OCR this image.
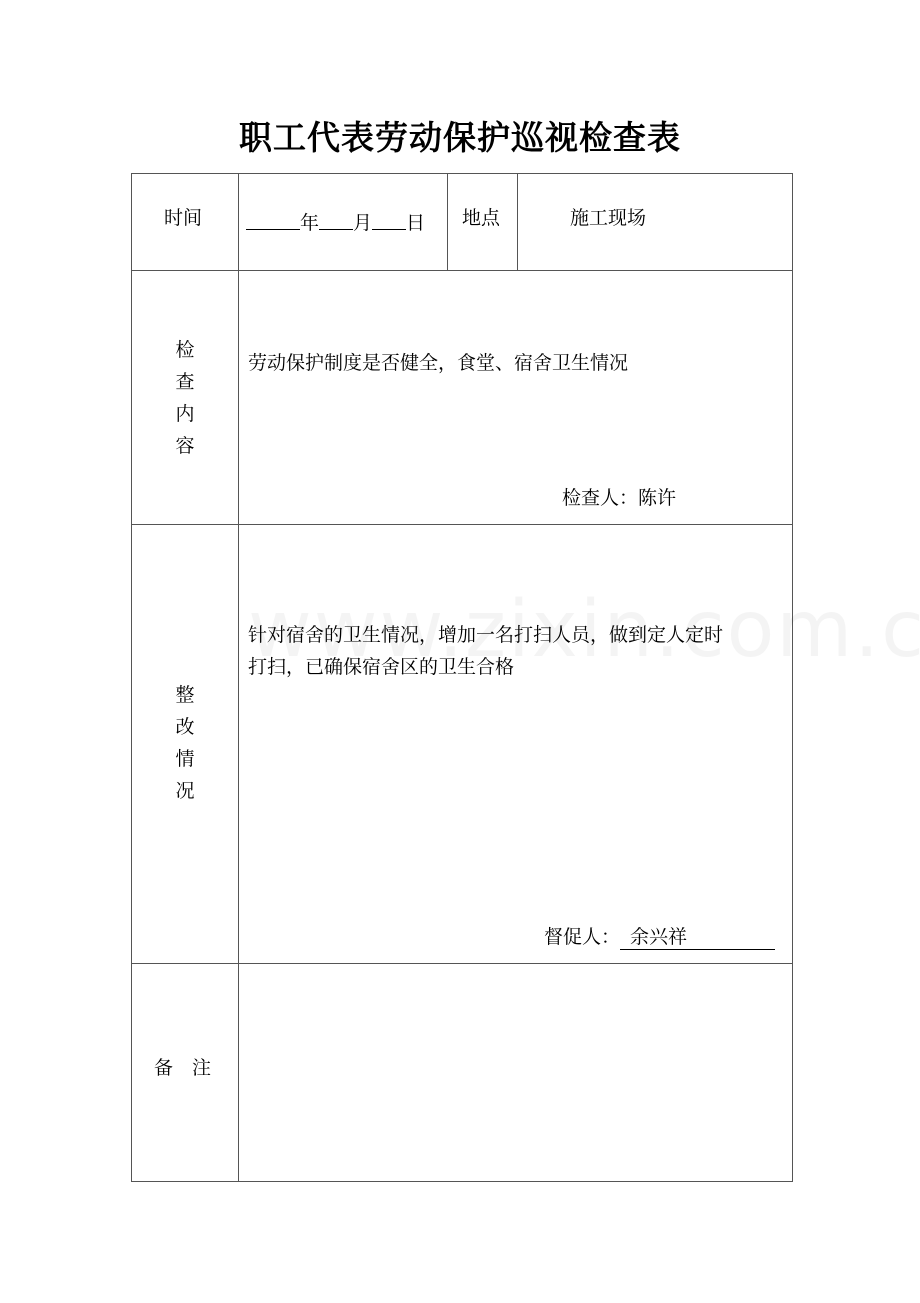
职工代表劳动保护巡视检查表
时间	年 月 日 地点	施工现场
检
查
内
容
劳动保护制度是否健全，食堂、宿舍卫生情况
检查人：陈许
整
改
情
况
针对宿舍的卫生情况，增加一名打扫人员，做到定人定时
打扫，已确保宿舍区的卫生合格
督促人： 余兴祥
备　注
